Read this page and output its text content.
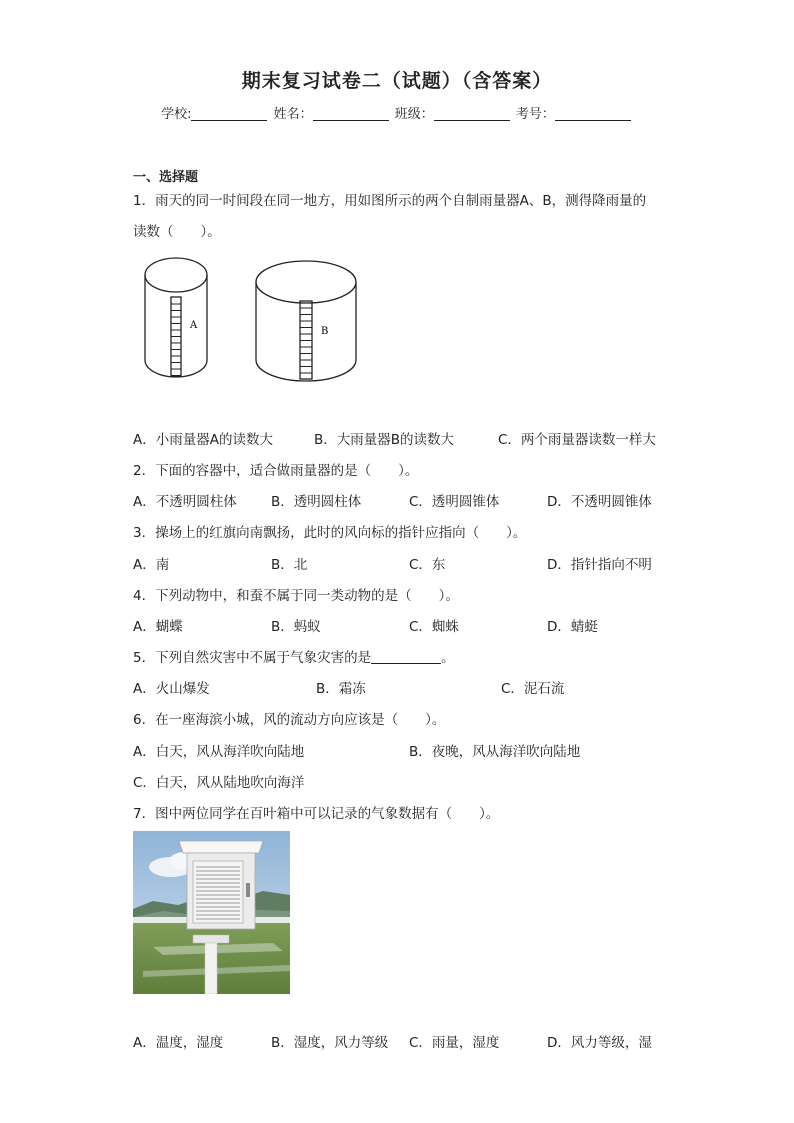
期末复习试卷二（试题）（含答案）
学校:	姓名：	班级：	考号：
一、选择题
1．雨天的同一时间段在同一地方，用如图所示的两个自制雨量器A、B，测得降雨量的
读数（　　）。
A
B
A．小雨量器A的读数大	B．大雨量器B的读数大	C．两个雨量器读数一样大
2．下面的容器中，适合做雨量器的是（　　）。
A．不透明圆柱体	B．透明圆柱体	C．透明圆锥体	D．不透明圆锥体
3．操场上的红旗向南飘扬，此时的风向标的指针应指向（　　）。
A．南	B．北	C．东	D．指针指向不明
4．下列动物中，和蚕不属于同一类动物的是（　　）。
A．蝴蝶	B．蚂蚁	C．蜘蛛	D．蜻蜓
5．下列自然灾害中不属于气象灾害的是	。
A．火山爆发	B．霜冻	C．泥石流
6．在一座海滨小城，风的流动方向应该是（　　）。
A．白天，风从海洋吹向陆地	B．夜晚，风从海洋吹向陆地
C．白天，风从陆地吹向海洋
7．图中两位同学在百叶箱中可以记录的气象数据有（　　）。
A．温度，湿度	B．湿度，风力等级 C．雨量，湿度	D．风力等级，湿
